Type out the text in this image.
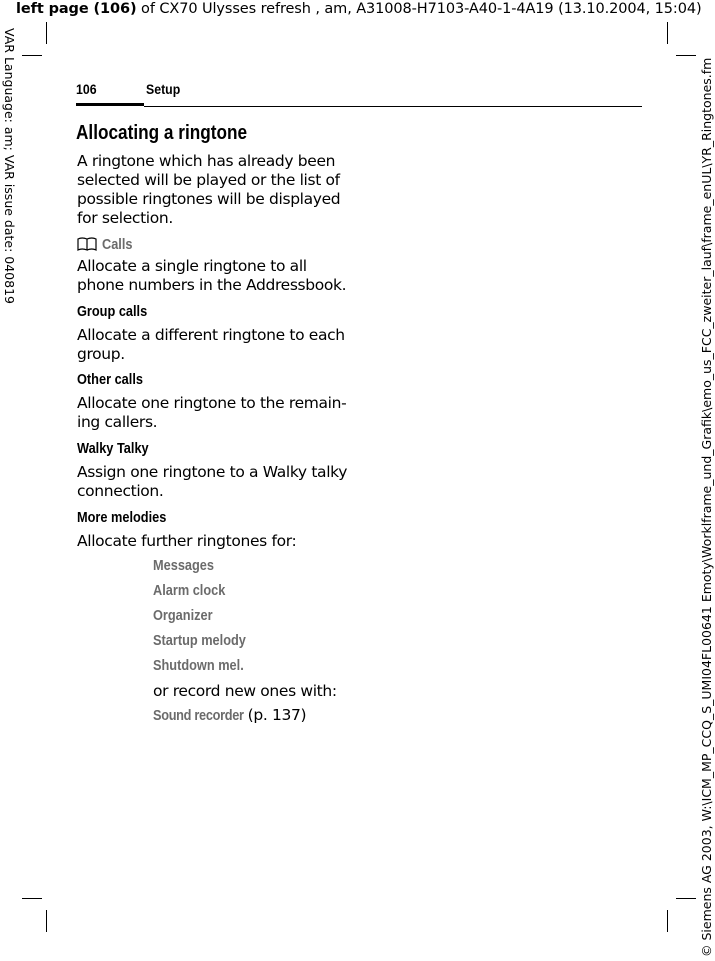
left page (106) of CX70 Ulysses refresh , am, A31008-H7103-A40-1-4A19 (13.10.2004, 15:04)
VAR Language: am; VAR issue date: 040819	© Siemens AG 2003, W:\ICM_MP_CCQ_S_UMI04FL00641 Emoty\Worklframe_und_Grafik\emo_us_FCC_zweiter_lauf\frame_enUL\YR_Ringtones.fm
106	Setup
Allocating a ringtone
A ringtone which has already been selected will be played or the list of possible ringtones will be displayed for selection.
Calls
Allocate a single ringtone to all phone numbers in the Addressbook.
Group calls
Allocate a different ringtone to each group.
Other calls
Allocate one ringtone to the remain-ing callers.
Walky Talky
Assign one ringtone to a Walky talky connection.
More melodies
Allocate further ringtones for:
Messages
Alarm clock
Organizer
Startup melody
Shutdown mel.
or record new ones with:
Sound recorder (p. 137)
